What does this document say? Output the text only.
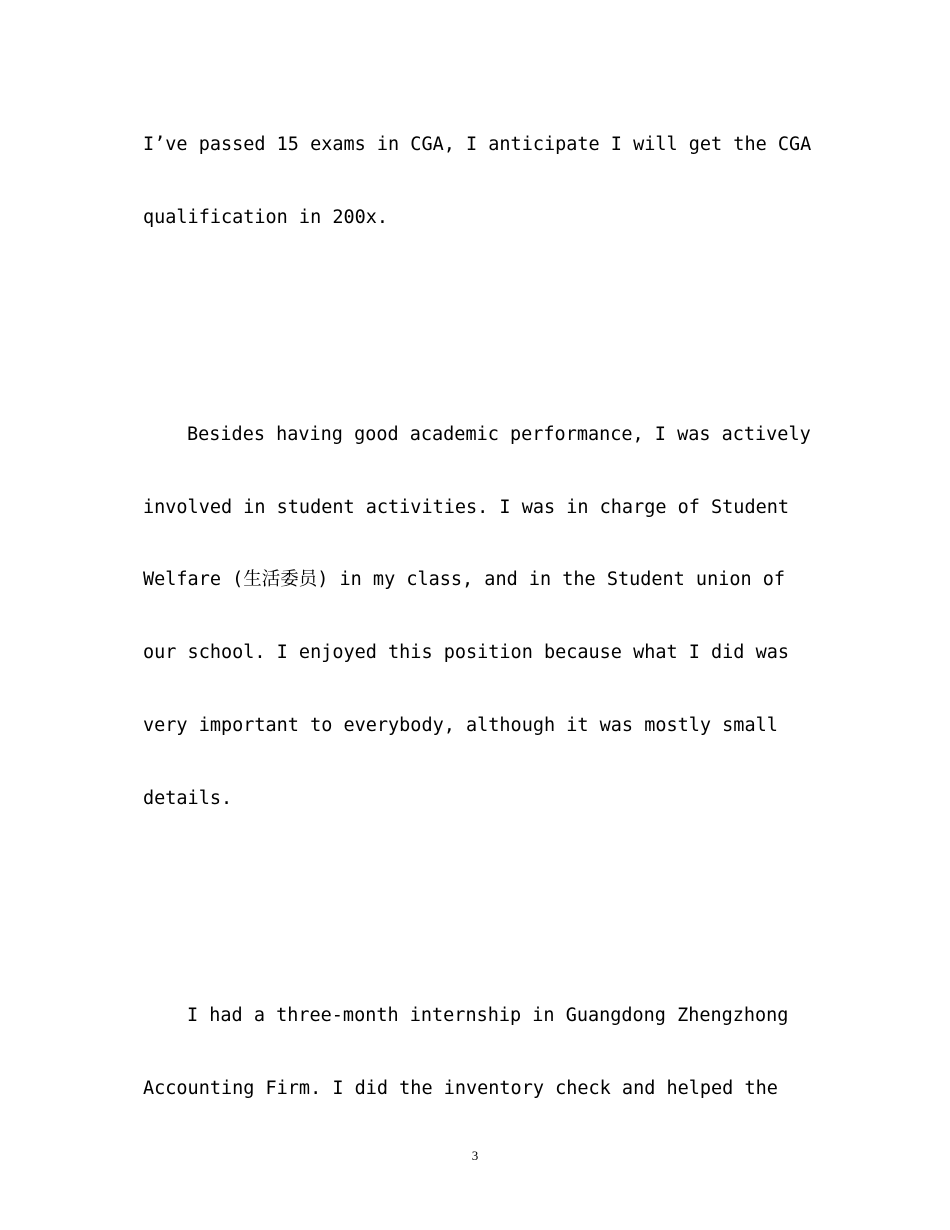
I’ve passed 15 exams in CGA, I anticipate I will get the CGA
qualification in 200x.
Besides having good academic performance, I was actively
involved in student activities. I was in charge of Student
Welfare (生活委员) in my class, and in the Student union of
our school. I enjoyed this position because what I did was
very important to everybody, although it was mostly small
details.
I had a three-month internship in Guangdong Zhengzhong
Accounting Firm. I did the inventory check and helped the
3
